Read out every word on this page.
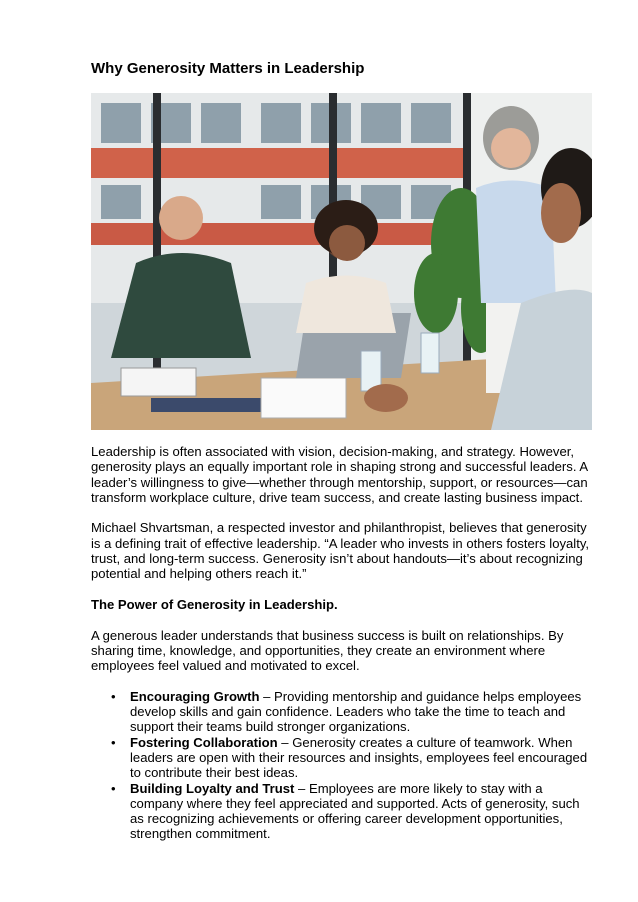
Why Generosity Matters in Leadership

Leadership is often associated with vision, decision-making, and strategy. However, generosity plays an equally important role in shaping strong and successful leaders. A leader’s willingness to give—whether through mentorship, support, or resources—can transform workplace culture, drive team success, and create lasting business impact.

Michael Shvartsman, a respected investor and philanthropist, believes that generosity is a defining trait of effective leadership. “A leader who invests in others fosters loyalty, trust, and long-term success. Generosity isn’t about handouts—it’s about recognizing potential and helping others reach it.”

The Power of Generosity in Leadership.

A generous leader understands that business success is built on relationships. By sharing time, knowledge, and opportunities, they create an environment where employees feel valued and motivated to excel.

• Encouraging Growth – Providing mentorship and guidance helps employees develop skills and gain confidence. Leaders who take the time to teach and support their teams build stronger organizations.
• Fostering Collaboration – Generosity creates a culture of teamwork. When leaders are open with their resources and insights, employees feel encouraged to contribute their best ideas.
• Building Loyalty and Trust – Employees are more likely to stay with a company where they feel appreciated and supported. Acts of generosity, such as recognizing achievements or offering career development opportunities, strengthen commitment.
